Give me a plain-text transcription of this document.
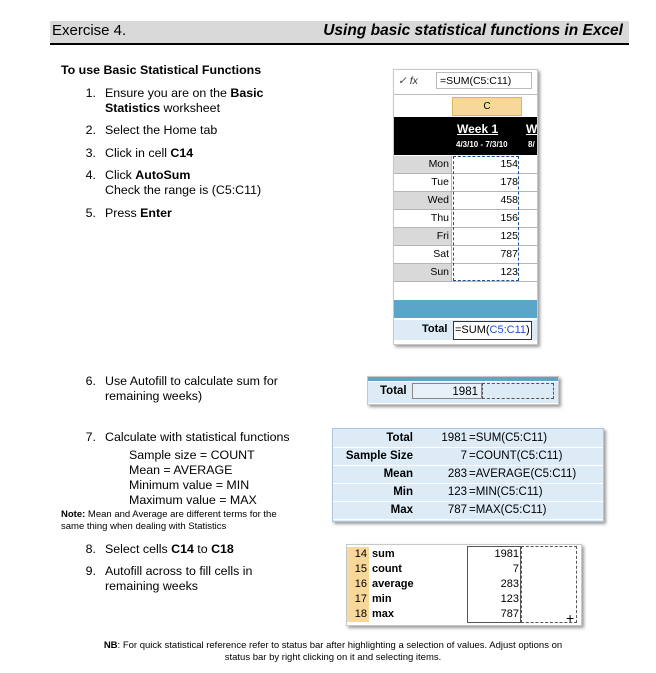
Exercise 4.	Using basic statistical functions in Excel
To use Basic Statistical Functions
1. Ensure you are on the Basic
Statistics worksheet
2. Select the Home tab
3. Click in cell C14
4. Click AutoSum
Check the range is (C5:C11)
5. Press Enter
✓ fx	=SUM(C5:C11)
C
Week 1 W
4/3/10 - 7/3/10	8/
Mon	154
Tue	178
Wed	458
Thu	156
Fri	125
Sat	787
Sun	123
Total =SUM(C5:C11)
6. Use Autofill to calculate sum for
remaining weeks)	Total	1981
7. Calculate with statistical functions
Sample size = COUNT
Mean = AVERAGE
Minimum value = MIN
Maximum value = MAX
Note: Mean and Average are different terms for the
same thing when dealing with Statistics
Total	1981 =SUM(C5:C11)
Sample Size	7 =COUNT(C5:C11)
Mean	283 =AVERAGE(C5:C11)
Min	123 =MIN(C5:C11)
Max	787 =MAX(C5:C11)
8. Select cells C14 to C18
9. Autofill across to fill cells in
remaining weeks
14 sum	1981
15 count	7
16 average	283
17 min	123
18 max	787	+
NB: For quick statistical reference refer to status bar after highlighting a selection of values. Adjust options on
status bar by right clicking on it and selecting items.
